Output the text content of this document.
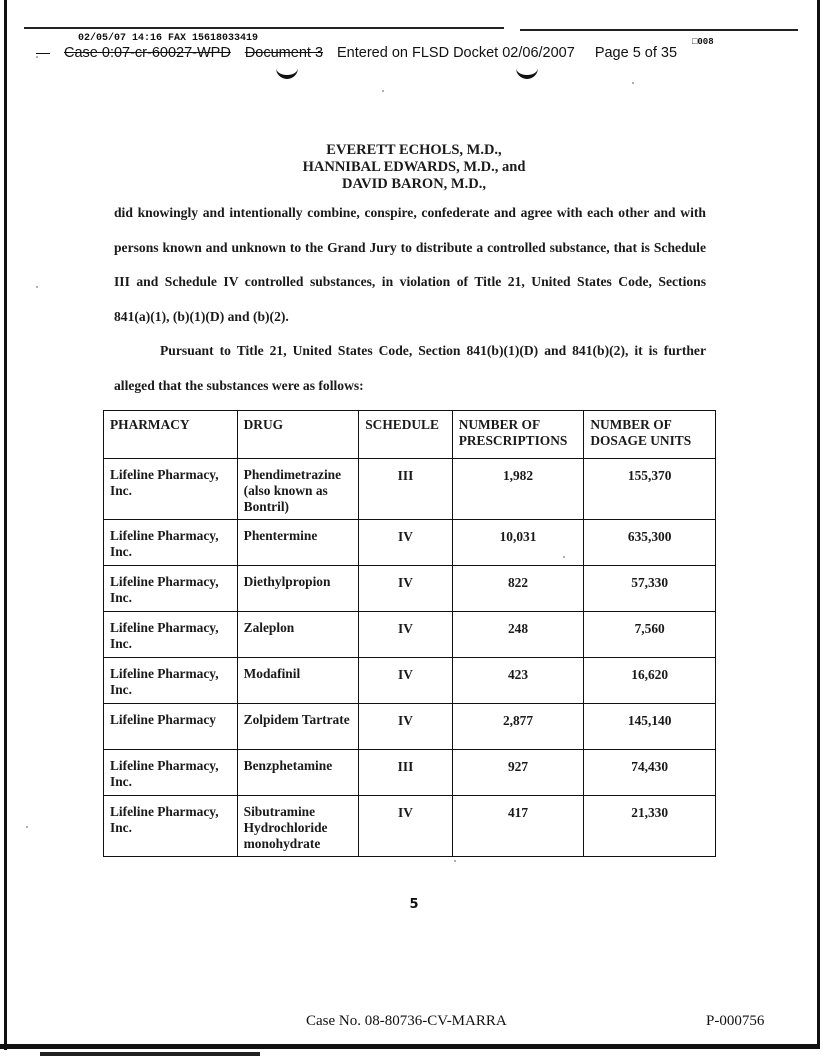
02/05/07 14:16 FAX 15618033419	□008
Case 0:07-cr-60027-WPD Document 3 Entered on FLSD Docket 02/06/2007 Page 5 of 35
EVERETT ECHOLS, M.D.,
HANNIBAL EDWARDS, M.D., and
DAVID BARON, M.D.,
did knowingly and intentionally combine, conspire, confederate and agree with each other and with
persons known and unknown to the Grand Jury to distribute a controlled substance, that is Schedule
III and Schedule IV controlled substances, in violation of Title 21, United States Code, Sections
841(a)(1), (b)(1)(D) and (b)(2).
Pursuant to Title 21, United States Code, Section 841(b)(1)(D) and 841(b)(2), it is further
alleged that the substances were as follows:
PHARMACY	DRUG	SCHEDULE	NUMBER OF PRESCRIPTIONS	NUMBER OF DOSAGE UNITS
Lifeline Pharmacy, Inc.	Phendimetrazine (also known as Bontril)	III	1,982	155,370
Lifeline Pharmacy, Inc.	Phentermine	IV	10,031	635,300
Lifeline Pharmacy, Inc.	Diethylpropion	IV	822	57,330
Lifeline Pharmacy, Inc.	Zaleplon	IV	248	7,560
Lifeline Pharmacy, Inc.	Modafinil	IV	423	16,620
Lifeline Pharmacy	Zolpidem Tartrate	IV	2,877	145,140
Lifeline Pharmacy, Inc.	Benzphetamine	III	927	74,430
Lifeline Pharmacy, Inc.	Sibutramine Hydrochloride monohydrate	IV	417	21,330
5
Case No. 08-80736-CV-MARRA	P-000756
